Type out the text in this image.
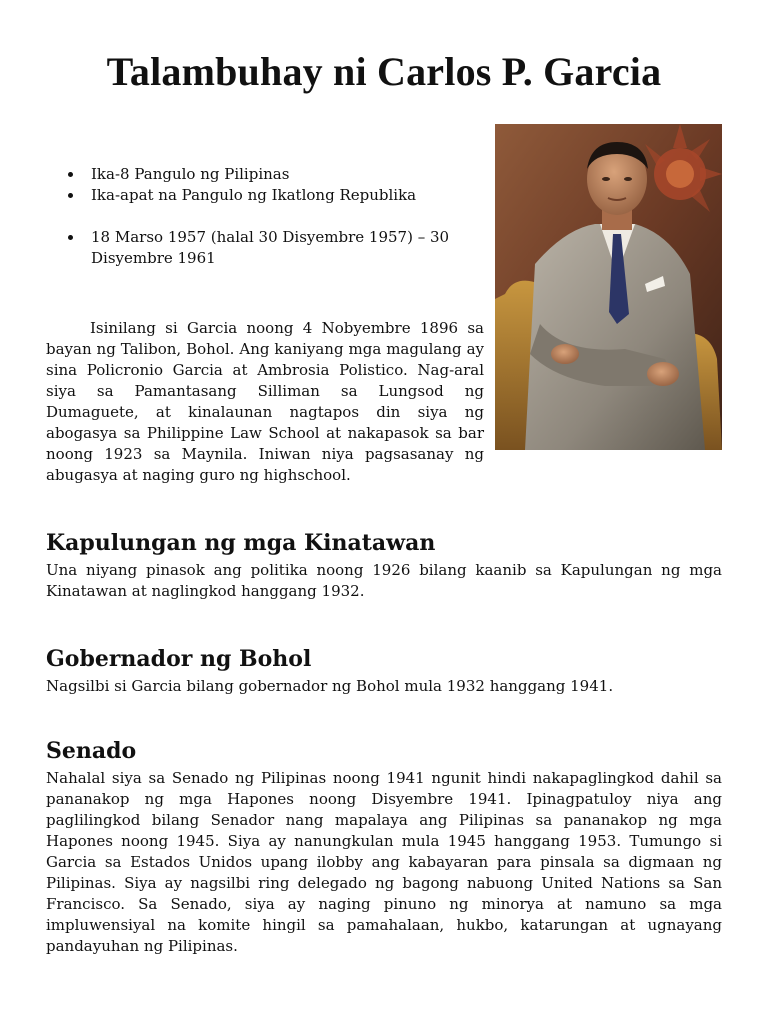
Talambuhay ni Carlos P. Garcia
Ika-8 Pangulo ng Pilipinas
Ika-apat na Pangulo ng Ikatlong Republika
18 Marso 1957 (halal 30 Disyembre 1957) – 30 Disyembre 1961

Isinilang si Garcia noong 4 Nobyembre 1896 sa bayan ng Talibon, Bohol. Ang kaniyang mga magulang ay sina Policronio Garcia at Ambrosia Polistico. Nag-aral siya sa Pamantasang Silliman sa Lungsod ng Dumaguete, at kinalaunan nagtapos din siya ng abogasya sa Philippine Law School at nakapasok sa bar noong 1923 sa Maynila. Iniwan niya pagsasanay ng abugasya at naging guro ng highschool.

Kapulungan ng mga Kinatawan

Una niyang pinasok ang politika noong 1926 bilang kaanib sa Kapulungan ng mga Kinatawan at naglingkod hanggang 1932.

Gobernador ng Bohol

Nagsilbi si Garcia bilang gobernador ng Bohol mula 1932 hanggang 1941.

Senado

Nahalal siya sa Senado ng Pilipinas noong 1941 ngunit hindi nakapaglingkod dahil sa pananakop ng mga Hapones noong Disyembre 1941. Ipinagpatuloy niya ang paglilingkod bilang Senador nang mapalaya ang Pilipinas sa pananakop ng mga Hapones noong 1945. Siya ay nanungkulan mula 1945 hanggang 1953. Tumungo si Garcia sa Estados Unidos upang ilobby ang kabayaran para pinsala sa digmaan ng Pilipinas. Siya ay nagsilbi ring delegado ng bagong nabuong United Nations sa San Francisco. Sa Senado, siya ay naging pinuno ng minorya at namuno sa mga impluwensiyal na komite hingil sa pamahalaan, hukbo, katarungan at ugnayang pandayuhan ng Pilipinas.
